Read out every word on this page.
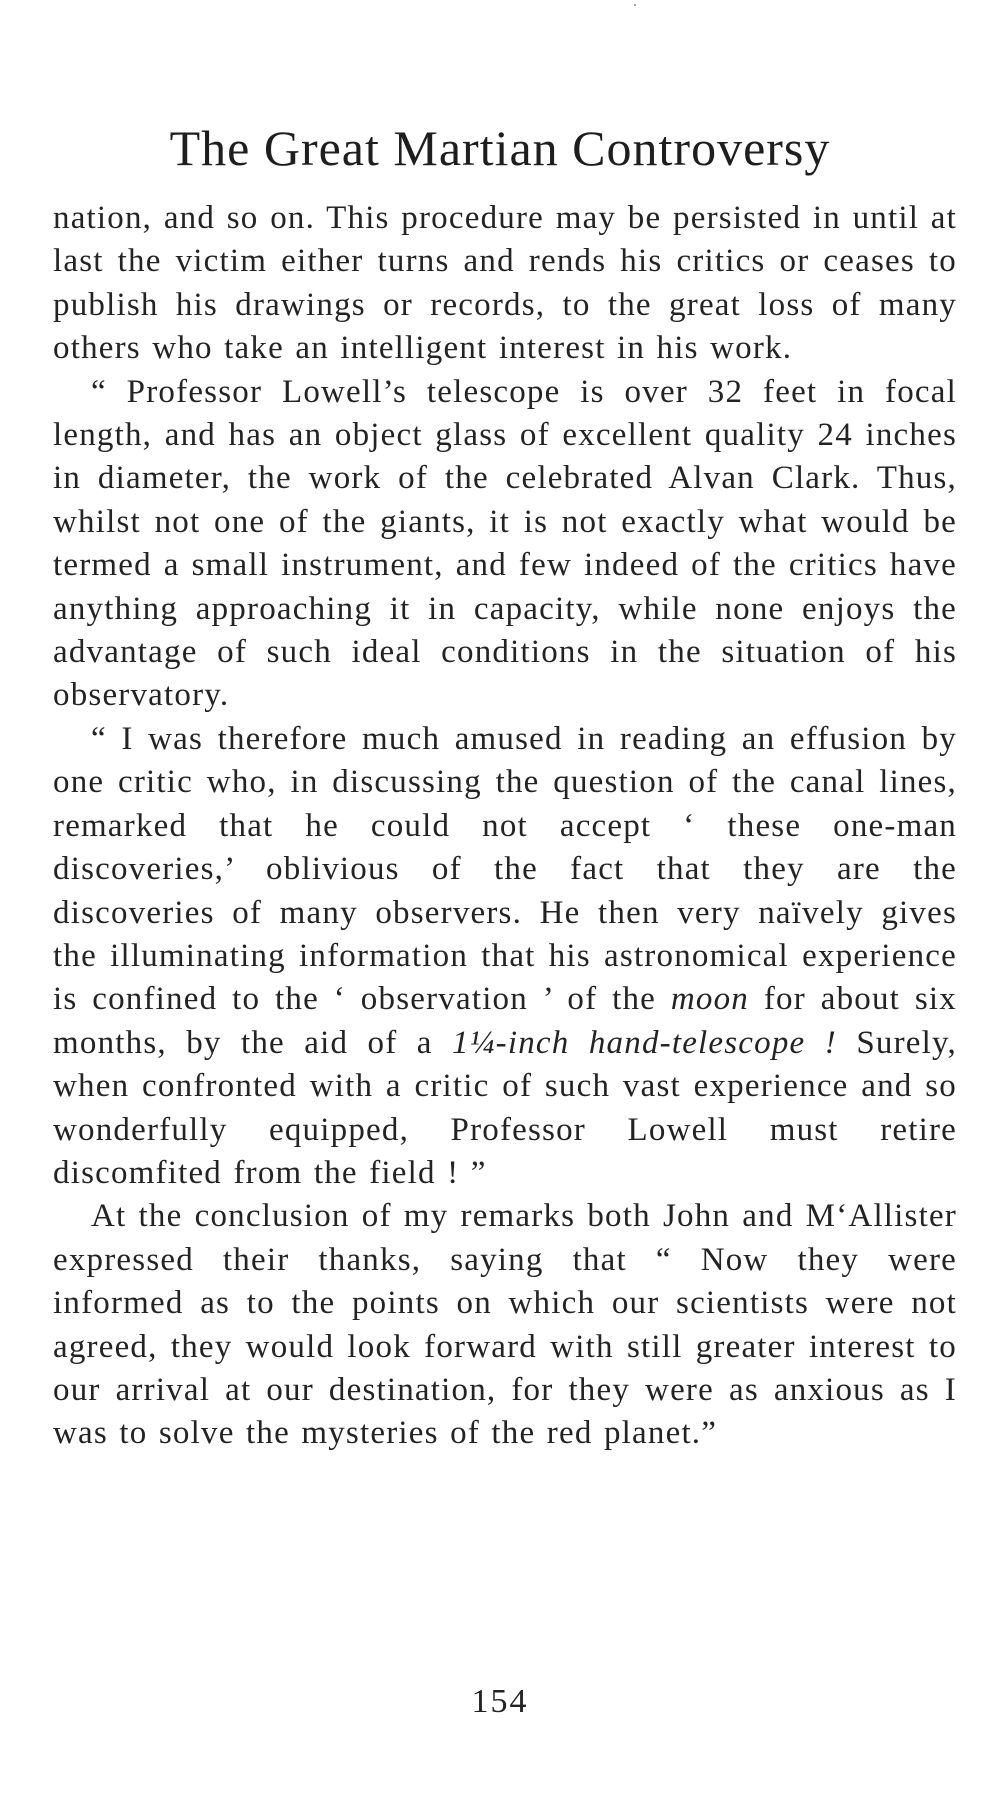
The Great Martian Controversy

nation, and so on. This procedure may be persisted in until at last the victim either turns and rends his critics or ceases to publish his drawings or records, to the great loss of many others who take an intelligent interest in his work.

“ Professor Lowell’s telescope is over 32 feet in focal length, and has an object glass of excellent quality 24 inches in diameter, the work of the celebrated Alvan Clark. Thus, whilst not one of the giants, it is not exactly what would be termed a small instrument, and few indeed of the critics have anything approaching it in capacity, while none enjoys the advantage of such ideal conditions in the situation of his observatory.

“ I was therefore much amused in reading an effusion by one critic who, in discussing the question of the canal lines, remarked that he could not accept ‘ these one-man discoveries,’ oblivious of the fact that they are the discoveries of many observers. He then very naïvely gives the illuminating information that his astronomical experience is confined to the ‘ observation ’ of the moon for about six months, by the aid of a 1¼-inch hand-telescope ! Surely, when confronted with a critic of such vast experience and so wonderfully equipped, Professor Lowell must retire discomfited from the field ! ”

At the conclusion of my remarks both John and M‘Allister expressed their thanks, saying that “ Now they were informed as to the points on which our scientists were not agreed, they would look forward with still greater interest to our arrival at our destination, for they were as anxious as I was to solve the mysteries of the red planet.”

154
